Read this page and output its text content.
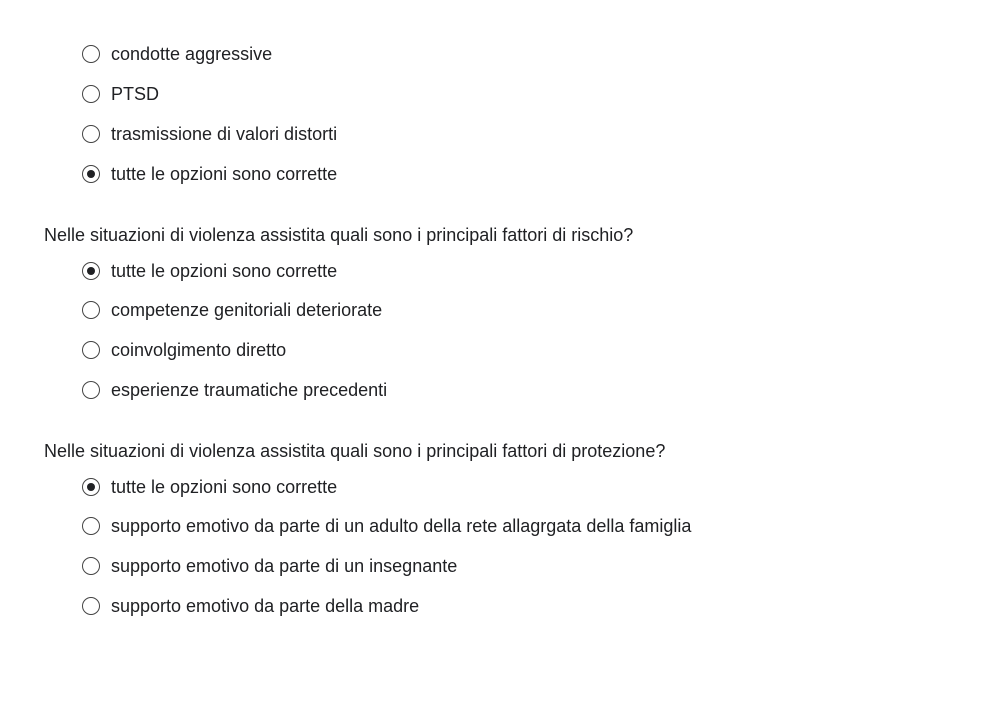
condotte aggressive
PTSD
trasmissione di valori distorti
tutte le opzioni sono corrette
Nelle situazioni di violenza assistita quali sono i principali fattori di rischio?
tutte le opzioni sono corrette
competenze genitoriali deteriorate
coinvolgimento diretto
esperienze traumatiche precedenti
Nelle situazioni di violenza assistita quali sono i principali fattori di protezione?
tutte le opzioni sono corrette
supporto emotivo da parte di un adulto della rete allagrgata della famiglia
supporto emotivo da parte di un insegnante
supporto emotivo da parte della madre
